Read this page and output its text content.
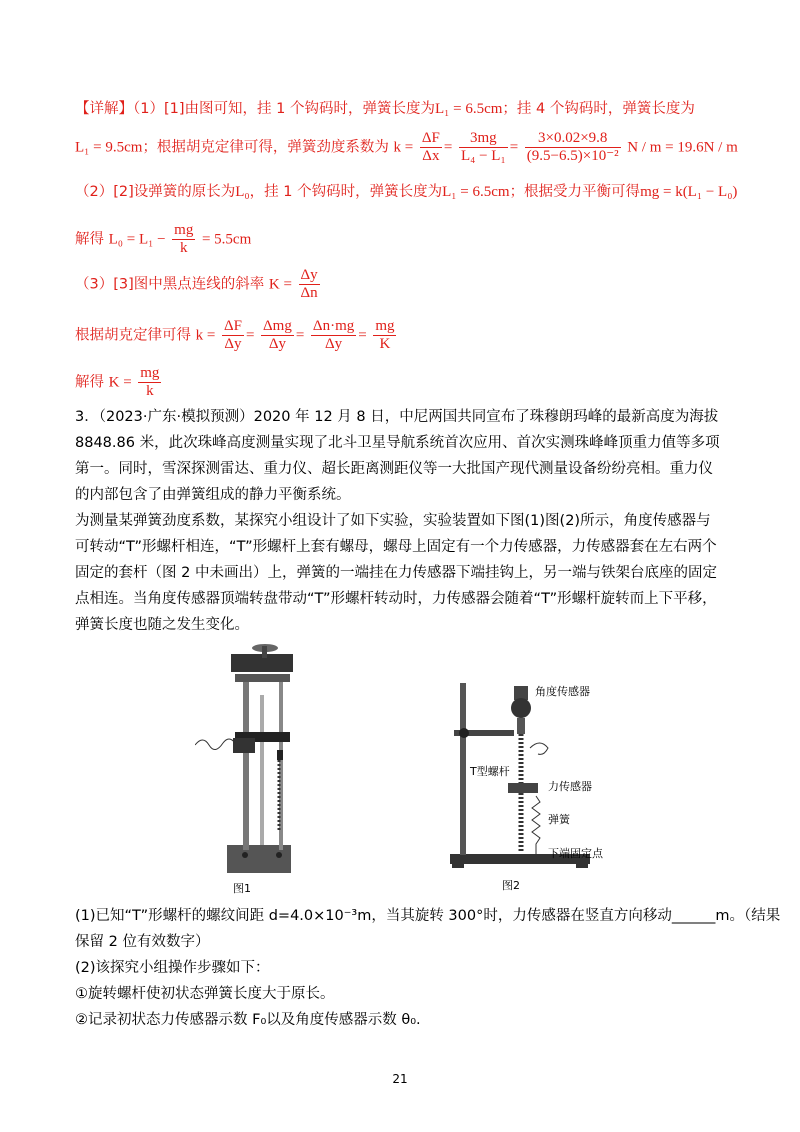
【详解】（1）[1]由图可知，挂 1 个钩码时，弹簧长度为L₁ = 6.5cm；挂 4 个钩码时，弹簧长度为
L₁ = 9.5cm；根据胡克定律可得，弹簧劲度系数为 $k = \frac{\Delta F}{\Delta x} = \frac{3mg}{\text{L₄ − L₁}} = \frac{3\times 0.02\times 9.8}{\text{(9.5−6.5)×10⁻²}}$ N / m = 19.6N / m
（2）[2]设弹簧的原长为L₀，挂 1 个钩码时，弹簧长度为L₁ = 6.5cm；根据受力平衡可得mg = k(L₁ − L₀)
解得 $L_0 = L_1 - \frac{mg}{k} = 5.5cm$
（3）[3]图中黑点连线的斜率 $K = \frac{\Delta y}{\Delta n}$
根据胡克定律可得 $k = \frac{\Delta F}{\Delta y} = \frac{\text{Δmg}}{\Delta y} = \frac{\Delta n\cdot mg}{\Delta y} = \frac{mg}{K}$
解得 $K = \frac{mg}{k}$
3．（2023·广东·模拟预测）2020 年 12 月 8 日，中尼两国共同宣布了珠穆朗玛峰的最新高度为海拔 8848.86 米，此次珠峰高度测量实现了北斗卫星导航系统首次应用、首次实测珠峰峰顶重力值等多项第一。同时，雪深探测雷达、重力仪、超长距离测距仪等一大批国产现代测量设备纷纷亮相。重力仪的内部包含了由弹簧组成的静力平衡系统。
为测量某弹簧劲度系数，某探究小组设计了如下实验，实验装置如下图(1)图(2)所示，角度传感器与可转动“T”形螺杆相连，“T”形螺杆上套有螺母，螺母上固定有一个力传感器，力传感器套在左右两个固定的套杆（图 2 中未画出）上，弹簧的一端挂在力传感器下端挂钩上，另一端与铁架台底座的固定点相连。当角度传感器顶端转盘带动“T”形螺杆转动时，力传感器会随着“T”形螺杆旋转而上下平移，弹簧长度也随之发生变化。
图1
角度传感器
T型螺杆
力传感器
弹簧
下端固定点
图2
(1)已知“T”形螺杆的螺纹间距 d=4.0×10⁻³m，当其旋转 300°时，力传感器在竖直方向移动______m。（结果
保留 2 位有效数字）
(2)该探究小组操作步骤如下：
①旋转螺杆使初状态弹簧长度大于原长。
②记录初状态力传感器示数 F₀以及角度传感器示数 θ₀.
21
